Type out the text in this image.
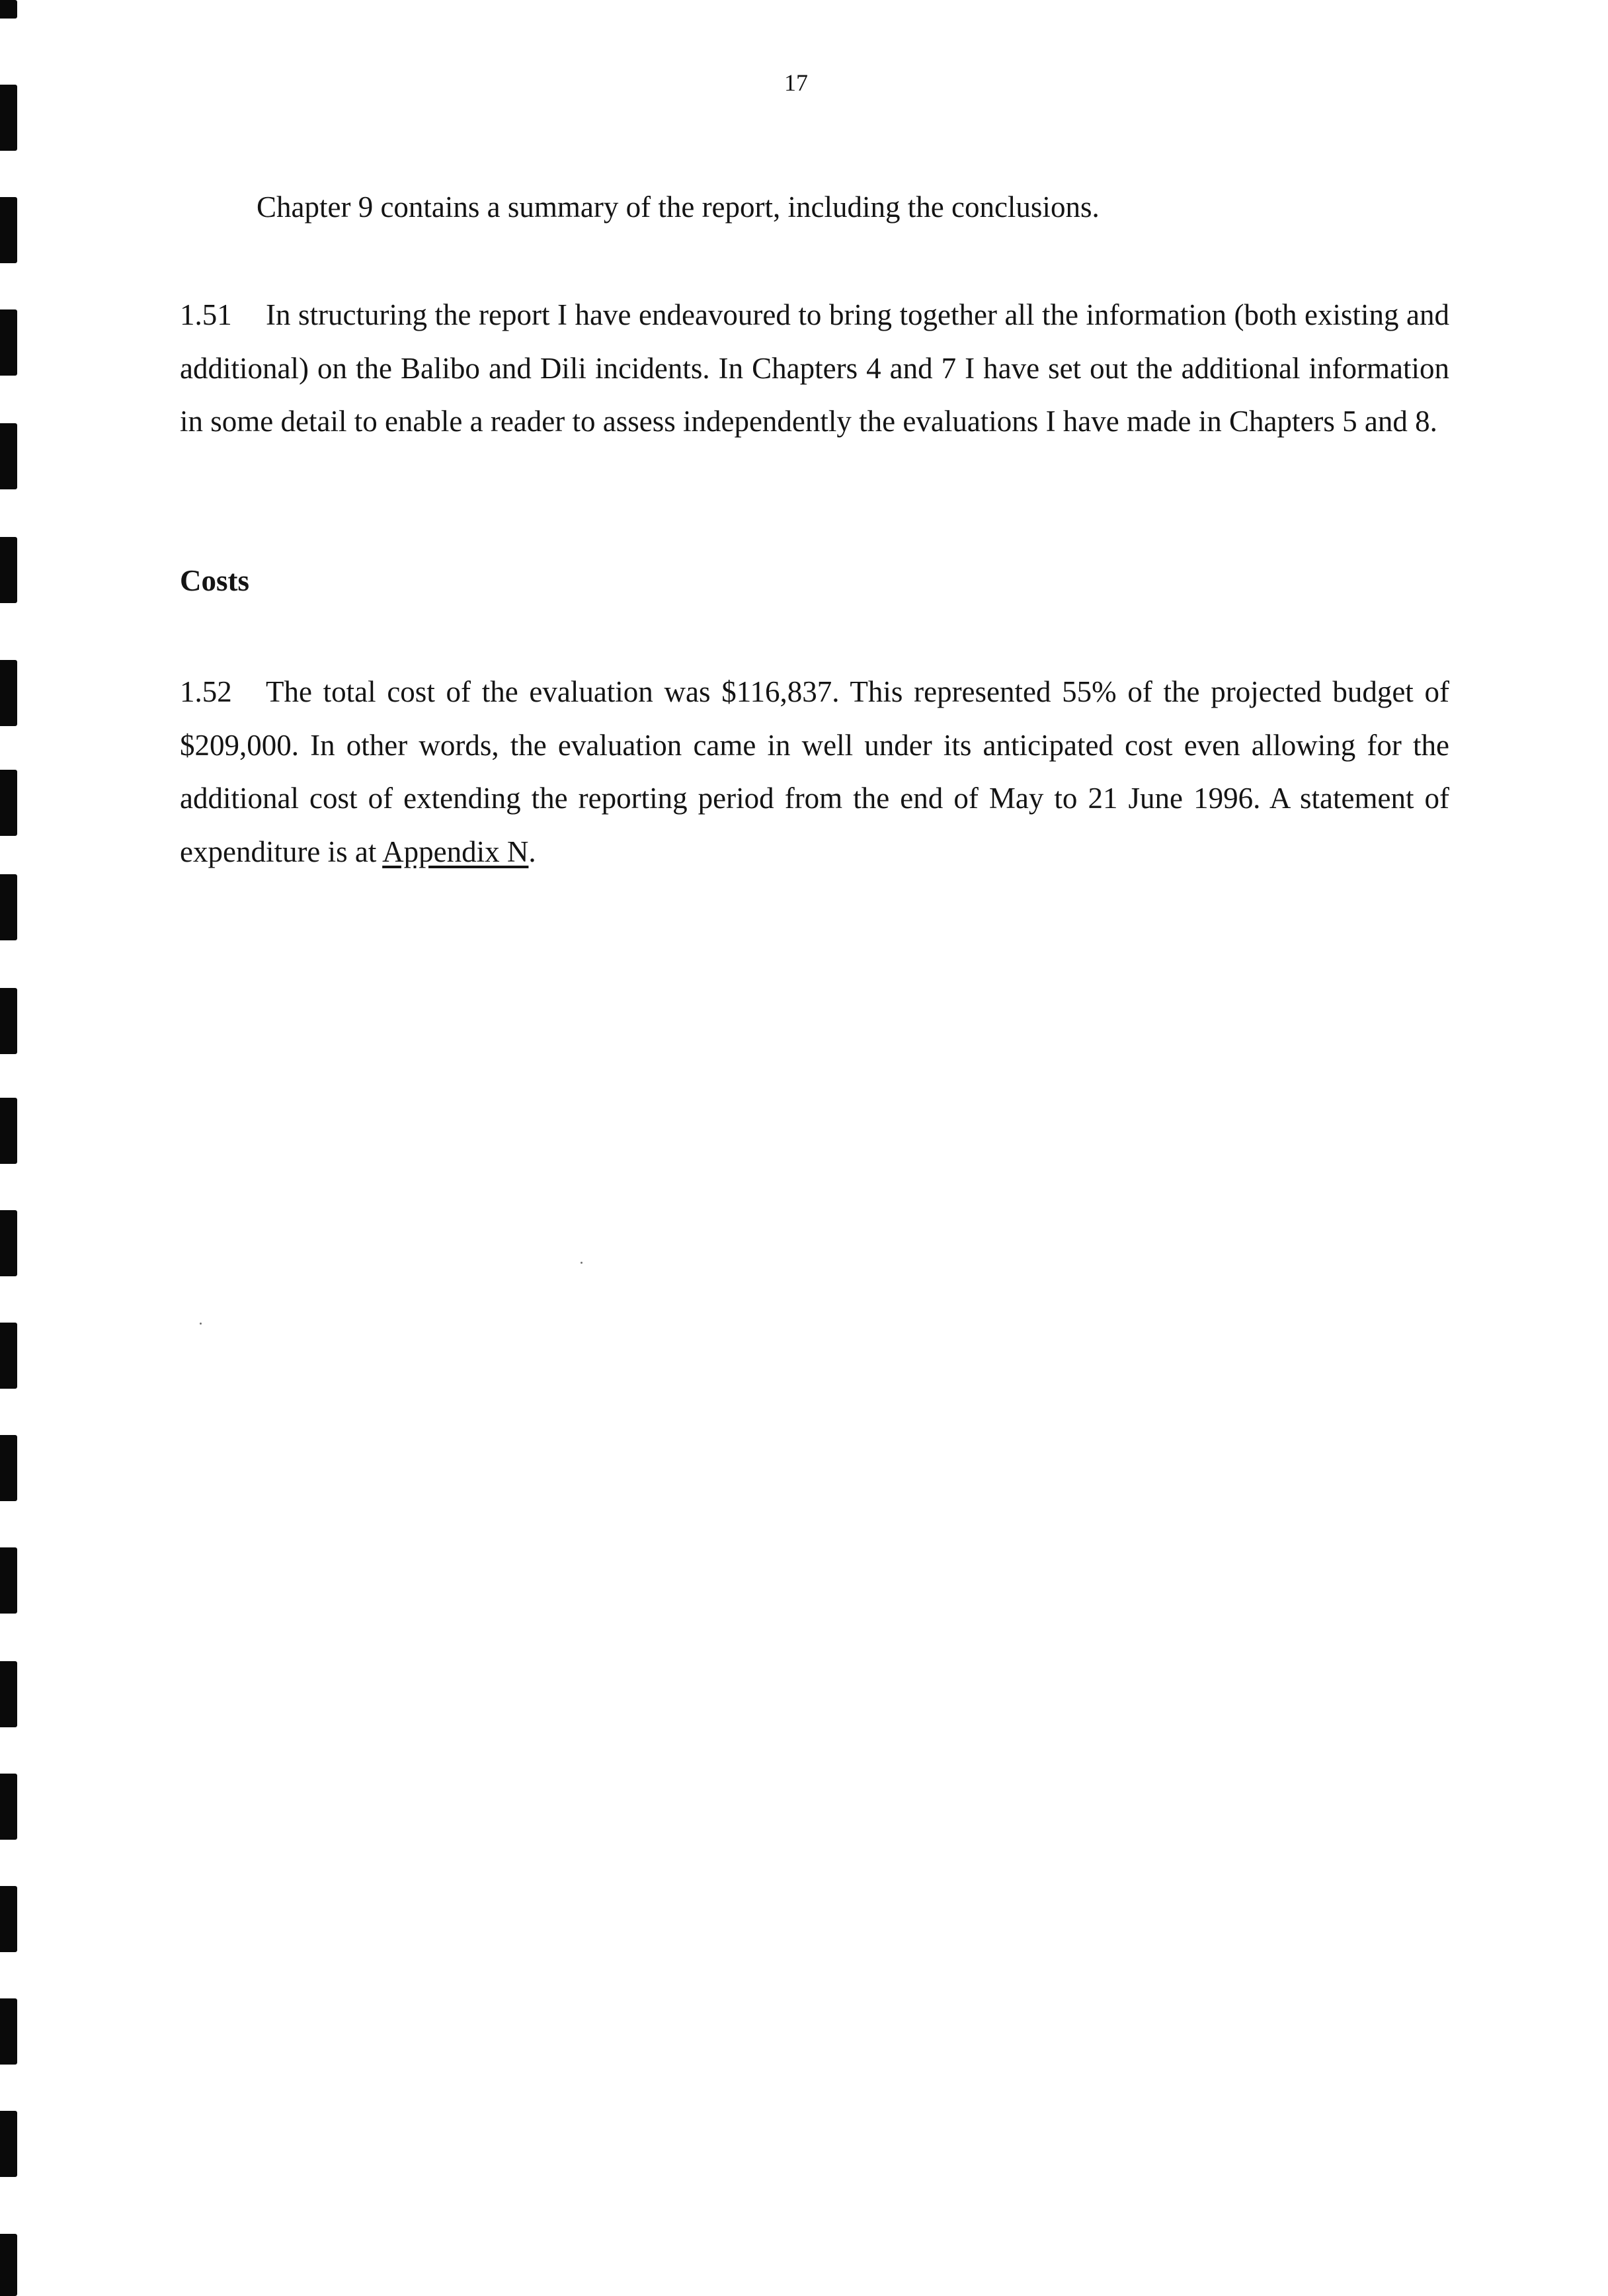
17
Chapter 9 contains a summary of the report, including the conclusions.

1.51 In structuring the report I have endeavoured to bring together all the information (both existing and additional) on the Balibo and Dili incidents. In Chapters 4 and 7 I have set out the additional information in some detail to enable a reader to assess independently the evaluations I have made in Chapters 5 and 8.

Costs

1.52 The total cost of the evaluation was $116,837. This represented 55% of the projected budget of $209,000. In other words, the evaluation came in well under its anticipated cost even allowing for the additional cost of extending the reporting period from the end of May to 21 June 1996. A statement of expenditure is at Appendix N.
